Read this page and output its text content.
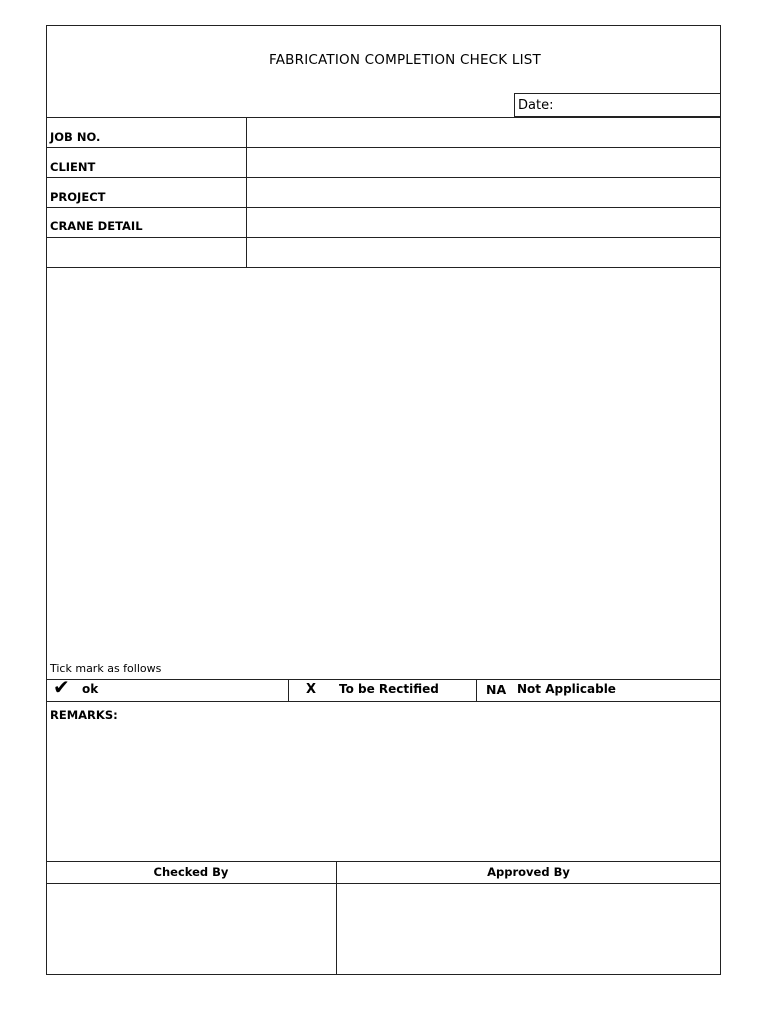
FABRICATION COMPLETION CHECK LIST
Date:
JOB NO.
CLIENT
PROJECT
CRANE DETAIL
Tick mark as follows
✔ ok	X To be Rectified	NA Not Applicable
REMARKS:
Checked By	Approved By
